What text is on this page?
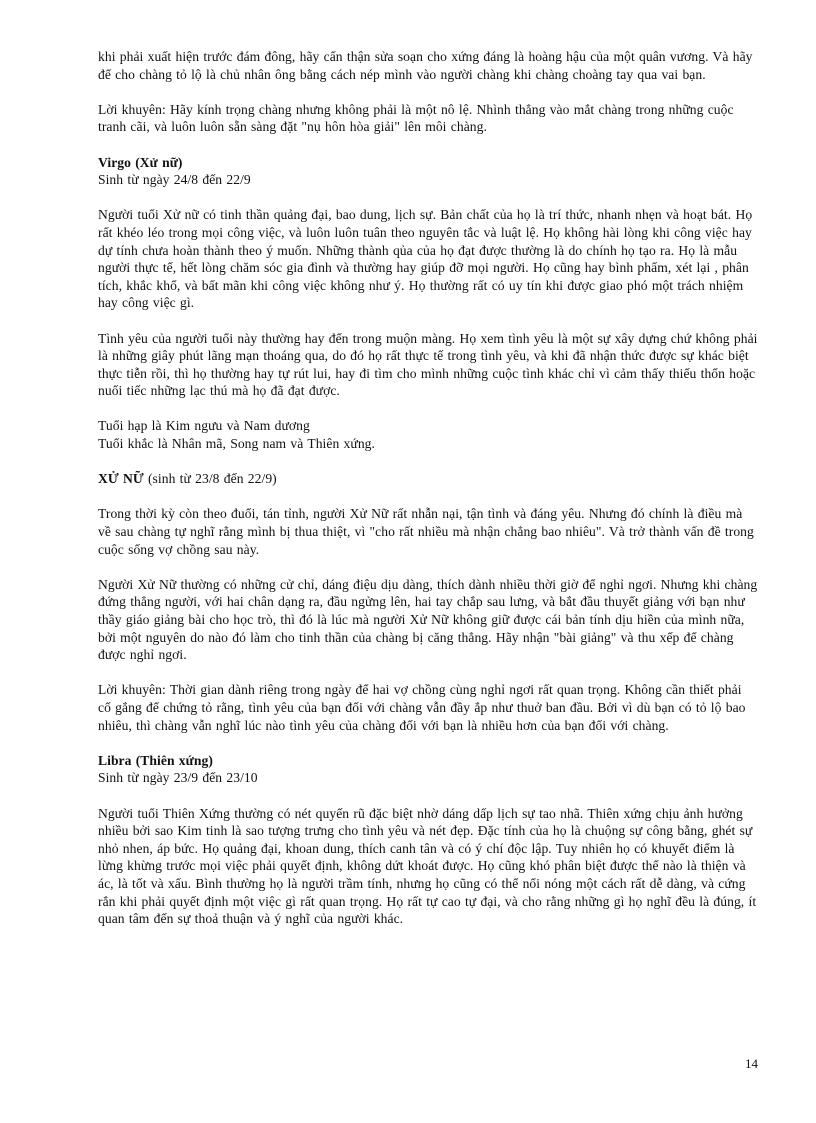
khi phải xuất hiện trước đám đông, hãy cẩn thận sửa soạn cho xứng đáng là hoàng hậu của một quân vương. Và hãy để cho chàng tỏ lộ là chủ nhân ông bằng cách nép mình vào người chàng khi chàng choàng tay qua vai bạn.

Lời khuyên: Hãy kính trọng chàng nhưng không phải là một nô lệ. Nhình thẳng vào mắt chàng trong những cuộc tranh cãi, và luôn luôn sẵn sàng đặt "nụ hôn hòa giải" lên môi chàng.

Virgo (Xử nữ)

Sinh từ ngày 24/8 đến 22/9

Người tuổi Xử nữ có tinh thần quảng đại, bao dung, lịch sự. Bản chất của họ là trí thức, nhanh nhẹn và hoạt bát. Họ rất khéo léo trong mọi công việc, và luôn luôn tuân theo nguyên tắc và luật lệ. Họ không hài lòng khi công việc hay dự tính chưa hoàn thành theo ý muốn. Những thành qủa của họ đạt được thường là do chính họ tạo ra. Họ là mẫu người thực tế, hết lòng chăm sóc gia đình và thường hay giúp đỡ mọi người. Họ cũng hay bình phẩm, xét lại , phân tích, khắc khổ, và bất mãn khi công việc không như ý. Họ thường rất có uy tín khi được giao phó một trách nhiệm hay công việc gì.

Tình yêu của người tuổi này thường hay đến trong muộn màng. Họ xem tình yêu là một sự xây dựng chứ không phải là những giây phút lãng mạn thoáng qua, do đó họ rất thực tế trong tình yêu, và khi đã nhận thức được sự khác biệt thực tiễn rồi, thì họ thường hay tự rút lui, hay đi tìm cho mình những cuộc tình khác chỉ vì cảm thấy thiếu thốn hoặc nuối tiếc những lạc thú mà họ đã đạt được.

Tuổi hạp là Kim ngưu và Nam dương
Tuổi khắc là Nhân mã, Song nam và Thiên xứng.

XỬ NỮ (sinh từ 23/8 đến 22/9)

Trong thời kỳ còn theo đuổi, tán tỉnh, người Xử Nữ rất nhẫn nại, tận tình và đáng yêu. Nhưng đó chính là điều mà về sau chàng tự nghĩ rằng mình bị thua thiệt, vì "cho rất nhiều mà nhận chẳng bao nhiêu". Và trở thành vấn đề trong cuộc sống vợ chồng sau này.

Người Xử Nữ thường có những cử chỉ, dáng điệu dịu dàng, thích dành nhiều thời giờ để nghỉ ngơi. Nhưng khi chàng đứng thẳng người, với hai chân dạng ra, đầu ngửng lên, hai tay chắp sau lưng, và bắt đầu thuyết giảng với bạn như thầy giáo giảng bài cho học trò, thì đó là lúc mà người Xử Nữ không giữ được cái bản tính dịu hiền của mình nữa, bởi một nguyên do nào đó làm cho tinh thần của chàng bị căng thẳng. Hãy nhận "bài giảng" và thu xếp để chàng được nghỉ ngơi.

Lời khuyên: Thời gian dành riêng trong ngày để hai vợ chồng cùng nghỉ ngơi rất quan trọng. Không cần thiết phải cố gắng để chứng tỏ rằng, tình yêu của bạn đối với chàng vẫn đầy ắp như thuở ban đầu. Bởi vì dù bạn có tỏ lộ bao nhiêu, thì chàng vẫn nghĩ lúc nào tình yêu của chàng đối với bạn là nhiều hơn của bạn đối với chàng.

Libra (Thiên xứng)

Sinh từ ngày 23/9 đến 23/10

Người tuổi Thiên Xứng thường có nét quyến rũ đặc biệt nhờ dáng dấp lịch sự tao nhã. Thiên xứng chịu ảnh hưởng nhiều bởi sao Kim tinh là sao tượng trưng cho tình yêu và nét đẹp. Đặc tính của họ là chuộng sự công bằng, ghét sự nhỏ nhen, áp bức. Họ quảng đại, khoan dung, thích canh tân và có ý chí độc lập. Tuy nhiên họ có khuyết điểm là lừng khừng trước mọi việc phải quyết định, không dứt khoát được. Họ cũng khó phân biệt được thế nào là thiện và ác, là tốt và xấu. Bình thường họ là người trầm tính, nhưng họ cũng có thể nổi nóng một cách rất dễ dàng, và cứng rắn khi phải quyết định một việc gì rất quan trọng. Họ rất tự cao tự đại, và cho rằng những gì họ nghĩ đều là đúng, ít quan tâm đến sự thoả thuận và ý nghĩ của người khác.

14
